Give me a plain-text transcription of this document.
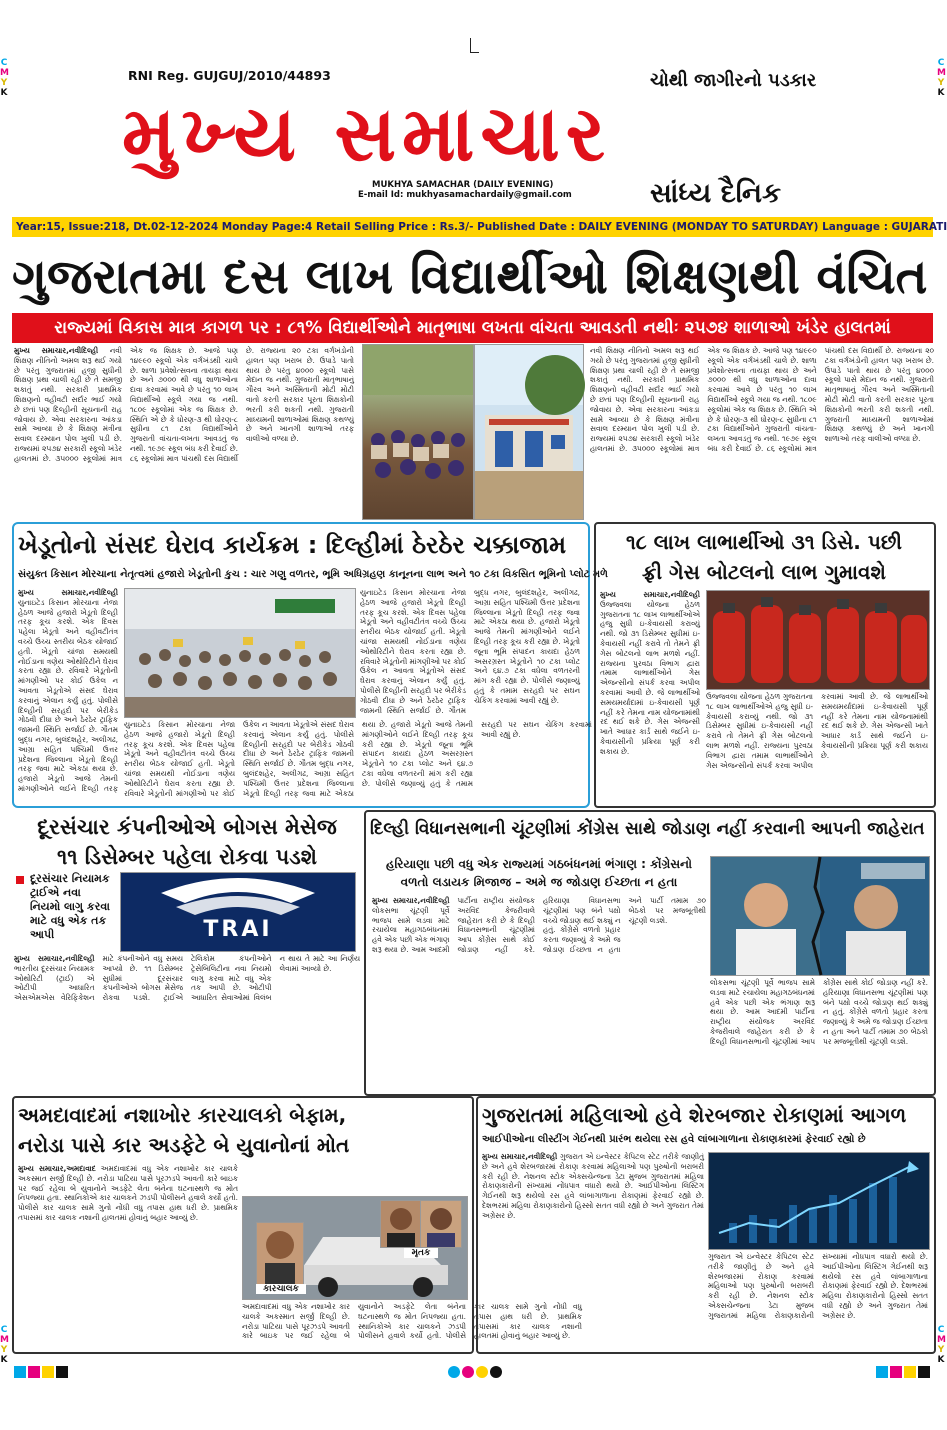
C
M
Y
K
C
M
Y
K
C
M
Y
K
C
M
Y
K
RNI Reg. GUJGUJ/2010/44893	ચોથી જાગીરનો પડકાર
મુખ્ય સમાચાર
MUKHYA SAMACHAR (DAILY EVENING)
E-mail Id: mukhyasamachardaily@gmail.com	સાંધ્ય દૈનિક
Year:15, Issue:218, Dt.02-12-2024 Monday Page:4 Retail Selling Price : Rs.3/- Published Date : DAILY EVENING (MONDAY TO SATURDAY) Language : GUJARATI
ગુજરાતમા દસ લાખ વિદ્યાર્થીઓ શિક્ષણથી વંચિત
રાજ્યમાં વિકાસ માત્ર કાગળ પર : ૮૧% વિદ્યાર્થીઓને માતૃભાષા લખતા વાંચતા આવડતી નથીઃ ૨૫૭૪ શાળાઓ ખંડેર હાલતમાં
મુખ્ય સમાચાર,નવીદિલ્હી નવી શિક્ષણ નીતિનો અમલ શરૂ થઈ ગયો છે પરંતુ ગુજરાતમાં હજી સુધીની શિક્ષણ પ્રથા ચાલી રહી છે તે સમજી શકાતું નથી. સરકારી પ્રાથમિક શિક્ષણનો વહીવટી સર્દાર ભાઈ ગયો છે છતાં પણ દિલ્હીની સૂચનાની રાહ જોવાય છે. એવા સરકારના આંકડા સામે આવ્યા છે કે શિક્ષણ મંત્રીના સવાલ દરમ્યાન પોલ ખુલી પડી છે. રાજ્યમાં ૨૫૭૪ સરકારી સ્કૂલો ખંડેર હાલતમાં છે. ૩૫૦૦૦ સ્કૂલોમાં માત્ર એક જ શિક્ષક છે. આજે પણ ૧૪૯૯૦ સ્કૂલો એક વર્ગખંડથી ચાલે છે. શાળા પ્રવેશોત્સવના તાયફા થાય છે અને ૭૦૦૦ થી વધુ શાળાઓના દાવા કરવામાં આવે છે પરંતુ ૧૦ લાખ વિદ્યાર્થીઓ સ્કૂલે ગયા જ નથી. ૧૮૦૯ સ્કૂલોમાં એક જ શિક્ષક છે. સ્થિતિ એ છે કે ધોરણ-૩ થી ધોરણ-૮ સુધીના ૮૧ ટકા વિદ્યાર્થીઓને ગુજરાતી વાંચતા-લખતા આવડતું જ નથી. ૧૯૭૯ સ્કૂલ બંધ કરી દેવાઈ છે. ૮૬ સ્કૂલોમાં માત્ર પાંચથી દસ વિદ્યાર્થી છે. રાજ્યના ૨૦ ટકા વર્ગખંડોની હાલત પણ ખરાબ છે. ઉપાડે પાતો થાય છે પરંતુ ૪૦૦૦ સ્કૂલો પાસે મેદાન જ નથી. ગુજરાતી માતૃભાષાનું ગૌરવ અને અસ્મિતાની મોટી મોટી વાતો કરતી સરકાર પૂરતા શિક્ષકોની ભરતી કરી શકતી નથી. ગુજરાતી માધ્યમની શાળાઓમાં શિક્ષણ કથળ્યું છે અને ખાનગી શાળાઓ તરફ વાલીઓ વળ્યા છે.
નવી શિક્ષણ નીતિનો અમલ શરૂ થઈ ગયો છે પરંતુ ગુજરાતમાં હજી સુધીની શિક્ષણ પ્રથા ચાલી રહી છે તે સમજી શકાતું નથી. સરકારી પ્રાથમિક શિક્ષણનો વહીવટી સર્દાર ભાઈ ગયો છે છતાં પણ દિલ્હીની સૂચનાની રાહ જોવાય છે. એવા સરકારના આંકડા સામે આવ્યા છે કે શિક્ષણ મંત્રીના સવાલ દરમ્યાન પોલ ખુલી પડી છે. રાજ્યમાં ૨૫૭૪ સરકારી સ્કૂલો ખંડેર હાલતમાં છે. ૩૫૦૦૦ સ્કૂલોમાં માત્ર એક જ શિક્ષક છે. આજે પણ ૧૪૯૯૦ સ્કૂલો એક વર્ગખંડથી ચાલે છે. શાળા પ્રવેશોત્સવના તાયફા થાય છે અને ૭૦૦૦ થી વધુ શાળાઓના દાવા કરવામાં આવે છે પરંતુ ૧૦ લાખ વિદ્યાર્થીઓ સ્કૂલે ગયા જ નથી. ૧૮૦૯ સ્કૂલોમાં એક જ શિક્ષક છે. સ્થિતિ એ છે કે ધોરણ-૩ થી ધોરણ-૮ સુધીના ૮૧ ટકા વિદ્યાર્થીઓને ગુજરાતી વાંચતા-લખતા આવડતું જ નથી. ૧૯૭૯ સ્કૂલ બંધ કરી દેવાઈ છે. ૮૬ સ્કૂલોમાં માત્ર પાંચથી દસ વિદ્યાર્થી છે. રાજ્યના ૨૦ ટકા વર્ગખંડોની હાલત પણ ખરાબ છે. ઉપાડે પાતો થાય છે પરંતુ ૪૦૦૦ સ્કૂલો પાસે મેદાન જ નથી. ગુજરાતી માતૃભાષાનું ગૌરવ અને અસ્મિતાની મોટી મોટી વાતો કરતી સરકાર પૂરતા શિક્ષકોની ભરતી કરી શકતી નથી. ગુજરાતી માધ્યમની શાળાઓમાં શિક્ષણ કથળ્યું છે અને ખાનગી શાળાઓ તરફ વાલીઓ વળ્યા છે.
ખેડૂતોનો સંસદ ઘેરાવ કાર્યક્રમ : દિલ્હીમાં ઠેરઠેર ચક્કાજામ
સંયુક્ત કિસાન મોરચાના નેતૃત્વમાં હજારો ખેડૂતોની કુચ : ચાર ગણુ વળતર, ભૂમિ અધિગ્રહણ કાનૂનના લાભ અને ૧૦ ટકા વિકસિત ભૂમિનો પ્લોટ મળે
મુખ્ય સમાચાર,નવીદિલ્હી યુનાઇટેડ કિસાન મોરચાના નેજા હેઠળ આજે હજારો ખેડૂતો દિલ્હી તરફ કૂચ કરશે. એક દિવસ પહેલા ખેડૂતો અને વહીવટીતંત્ર વચ્ચે ઉચ્ચ સ્તરીય બેઠક યોજાઈ હતી. ખેડૂતો ચાંજા સમયથી નોઈડાના ત્રણેય ઓથોરિટીને ઘેરાવ કરતા રહ્યા છે. રવિવારે ખેડૂતોની માંગણીઓ પર કોઈ ઉકેલ ન આવતા ખેડૂતોએ સંસદ ઘેરાવ કરવાનું એલાન કર્યું હતું. પોલીસે દિલ્હીની સરહદો પર બેરીકેડ ગોઠવી દીધા છે અને ઠેરઠેર ટ્રાફિક જામની સ્થિતિ સર્જાઈ છે. ગૌતમ બુદ્ધ નગર, બુલંદશહેર, અલીગઢ, આગ્રા સહિત પશ્ચિમી ઉત્તર પ્રદેશના જિલ્લાના ખેડૂતો દિલ્હી તરફ જવા માટે એકઠા થયા છે. હજારો ખેડૂતો આજે તેમની માંગણીઓને લઈને દિલ્હી તરફ
યુનાઇટેડ કિસાન મોરચાના નેજા હેઠળ આજે હજારો ખેડૂતો દિલ્હી તરફ કૂચ કરશે. એક દિવસ પહેલા ખેડૂતો અને વહીવટીતંત્ર વચ્ચે ઉચ્ચ સ્તરીય બેઠક યોજાઈ હતી. ખેડૂતો ચાંજા સમયથી નોઈડાના ત્રણેય ઓથોરિટીને ઘેરાવ કરતા રહ્યા છે. રવિવારે ખેડૂતોની માંગણીઓ પર કોઈ ઉકેલ ન આવતા ખેડૂતોએ સંસદ ઘેરાવ કરવાનું એલાન કર્યું હતું. પોલીસે દિલ્હીની સરહદો પર બેરીકેડ ગોઠવી દીધા છે અને ઠેરઠેર ટ્રાફિક જામની સ્થિતિ સર્જાઈ છે. ગૌતમ બુદ્ધ નગર, બુલંદશહેર, અલીગઢ, આગ્રા સહિત પશ્ચિમી ઉત્તર પ્રદેશના જિલ્લાના ખેડૂતો દિલ્હી તરફ જવા માટે એકઠા થયા છે. હજારો ખેડૂતો આજે તેમની માંગણીઓને લઈને દિલ્હી તરફ કૂચ કરી રહ્યા છે. ખેડૂતો જૂના ભૂમિ સંપાદન કાયદા હેઠળ અસરગ્રસ્ત ખેડૂતોને ૧૦ ટકા પ્લોટ અને ૬૪.૭ ટકા વધેલા વળતરની માંગ કરી રહ્યા છે. પોલીસે જણાવ્યું હતું કે તમામ સરહદો પર સઘન ચેકિંગ કરવામાં આવી રહ્યું છે.
યુનાઇટેડ કિસાન મોરચાના નેજા હેઠળ આજે હજારો ખેડૂતો દિલ્હી તરફ કૂચ કરશે. એક દિવસ પહેલા ખેડૂતો અને વહીવટીતંત્ર વચ્ચે ઉચ્ચ સ્તરીય બેઠક યોજાઈ હતી. ખેડૂતો ચાંજા સમયથી નોઈડાના ત્રણેય ઓથોરિટીને ઘેરાવ કરતા રહ્યા છે. રવિવારે ખેડૂતોની માંગણીઓ પર કોઈ ઉકેલ ન આવતા ખેડૂતોએ સંસદ ઘેરાવ કરવાનું એલાન કર્યું હતું. પોલીસે દિલ્હીની સરહદો પર બેરીકેડ ગોઠવી દીધા છે અને ઠેરઠેર ટ્રાફિક જામની સ્થિતિ સર્જાઈ છે. ગૌતમ બુદ્ધ નગર, બુલંદશહેર, અલીગઢ, આગ્રા સહિત પશ્ચિમી ઉત્તર પ્રદેશના જિલ્લાના ખેડૂતો દિલ્હી તરફ જવા માટે એકઠા થયા છે. હજારો ખેડૂતો આજે તેમની માંગણીઓને લઈને દિલ્હી તરફ કૂચ કરી રહ્યા છે. ખેડૂતો જૂના ભૂમિ સંપાદન કાયદા હેઠળ અસરગ્રસ્ત ખેડૂતોને ૧૦ ટકા પ્લોટ અને ૬૪.૭ ટકા વધેલા વળતરની માંગ કરી રહ્યા છે. પોલીસે જણાવ્યું હતું કે તમામ સરહદો પર સઘન ચેકિંગ કરવામાં આવી રહ્યું છે.
૧૮ લાખ લાભાર્થીઓ ૩૧ ડિસે. પછી
ફ્રી ગેસ બોટલનો લાભ ગુમાવશે
મુખ્ય સમાચાર,નવીદિલ્હી ઉજ્જવલા યોજના હેઠળ ગુજરાતના ૧૮ લાખ લાભાર્થીઓએ હજુ સુધી ઇ-કેવાયસી કરાવ્યું નથી. જો ૩૧ ડિસેમ્બર સુધીમાં ઇ-કેવાયસી નહીં કરાવે તો તેમને ફ્રી ગેસ બોટલનો લાભ મળશે નહીં. રાજ્યના પુરવઠા વિભાગ દ્વારા તમામ લાભાર્થીઓને ગેસ એજન્સીનો સંપર્ક કરવા અપીલ કરવામાં આવી છે. જે લાભાર્થીઓ સમયમર્યાદામાં ઇ-કેવાયસી પૂર્ણ નહીં કરે તેમના નામ યોજનામાંથી રદ થઈ શકે છે. ગેસ એજન્સી ખાતે આધાર કાર્ડ સાથે જઈને ઇ-કેવાયસીની પ્રક્રિયા પૂર્ણ કરી શકાય છે.
ઉજ્જવલા યોજના હેઠળ ગુજરાતના ૧૮ લાખ લાભાર્થીઓએ હજુ સુધી ઇ-કેવાયસી કરાવ્યું નથી. જો ૩૧ ડિસેમ્બર સુધીમાં ઇ-કેવાયસી નહીં કરાવે તો તેમને ફ્રી ગેસ બોટલનો લાભ મળશે નહીં. રાજ્યના પુરવઠા વિભાગ દ્વારા તમામ લાભાર્થીઓને ગેસ એજન્સીનો સંપર્ક કરવા અપીલ કરવામાં આવી છે. જે લાભાર્થીઓ સમયમર્યાદામાં ઇ-કેવાયસી પૂર્ણ નહીં કરે તેમના નામ યોજનામાંથી રદ થઈ શકે છે. ગેસ એજન્સી ખાતે આધાર કાર્ડ સાથે જઈને ઇ-કેવાયસીની પ્રક્રિયા પૂર્ણ કરી શકાય છે.
દૂરસંચાર કંપનીઓએ બોગસ મેસેજ
૧૧ ડિસેમ્બર પહેલા રોકવા પડશે
દૂરસંચાર નિયામક ટ્રાઈએ નવા નિયમો લાગુ કરવા માટે વધુ એક તક આપી	TRAI
મુખ્ય સમાચાર,નવીદિલ્હી ભારતીય દૂરસંચાર નિયામક ઓથોરિટી (ટ્રાઈ) એ ઓટીપી આધારિત એસએમએસ વેરિફિકેશન માટે કંપનીઓને વધુ સમય આપ્યો છે. ૧૧ ડિસેમ્બર સુધીમાં દૂરસંચાર કંપનીઓએ બોગસ મેસેજ રોકવા પડશે. ટ્રાઈએ ટેલિકોમ કંપનીઓને ટ્રેસેબિલિટીના નવા નિયમો લાગુ કરવા માટે વધુ એક તક આપી છે. ઓટીપી આધારિત સેવાઓમાં વિલંબ ન થાય તે માટે આ નિર્ણય લેવામાં આવ્યો છે.
દિલ્હી વિધાનસભાની ચૂંટણીમાં કોંગ્રેસ સાથે જોડાણ નહીં કરવાની આપની જાહેરાત
હરિયાણા પછી વધુ એક રાજ્યમાં ગઠબંધનમાં ભંગાણ : કોંગ્રેસનો
વળતો લડાયક મિજાજ – અમે જ જોડાણ ઈચ્છતા ન હતા
મુખ્ય સમાચાર,નવીદિલ્હી લોકસભા ચૂંટણી પૂર્વે ભાજપ સામે લડવા માટે રચાયેલા મહાગઠબંધનમાં હવે એક પછી એક ભંગાણ શરૂ થયા છે. આમ આદમી પાર્ટીના રાષ્ટ્રીય સંયોજક અરવિંદ કેજરીવાલે જાહેરાત કરી છે કે દિલ્હી વિધાનસભાની ચૂંટણીમાં આપ કોંગ્રેસ સાથે કોઈ જોડાણ નહીં કરે. હરિયાણા વિધાનસભા ચૂંટણીમાં પણ બંને પક્ષો વચ્ચે જોડાણ થઈ શક્યું ન હતું. કોંગ્રેસે વળતો પ્રહાર કરતા જણાવ્યું કે અમે જ જોડાણ ઈચ્છતા ન હતા અને પાર્ટી તમામ ૭૦ બેઠકો પર મજબૂતીથી ચૂંટણી લડશે.
લોકસભા ચૂંટણી પૂર્વે ભાજપ સામે લડવા માટે રચાયેલા મહાગઠબંધનમાં હવે એક પછી એક ભંગાણ શરૂ થયા છે. આમ આદમી પાર્ટીના રાષ્ટ્રીય સંયોજક અરવિંદ કેજરીવાલે જાહેરાત કરી છે કે દિલ્હી વિધાનસભાની ચૂંટણીમાં આપ કોંગ્રેસ સાથે કોઈ જોડાણ નહીં કરે. હરિયાણા વિધાનસભા ચૂંટણીમાં પણ બંને પક્ષો વચ્ચે જોડાણ થઈ શક્યું ન હતું. કોંગ્રેસે વળતો પ્રહાર કરતા જણાવ્યું કે અમે જ જોડાણ ઈચ્છતા ન હતા અને પાર્ટી તમામ ૭૦ બેઠકો પર મજબૂતીથી ચૂંટણી લડશે.
અમદાવાદમાં નશાખોર કારચાલકો બેફામ,
નરોડા પાસે કાર અડફેટે બે યુવાનોનાં મોત
મુખ્ય સમાચાર,અમદાવાદ અમદાવાદમાં વધુ એક નશાખોર કાર ચાલકે અકસ્માત સર્જી દિલ્હી છે. નરોડા પાટિયા પાસે પૂરઝડપે આવતી કારે બાઇક પર જઈ રહેલા બે યુવાનોને અડફેટે લેતા બંનેના ઘટનાસ્થળે જ મોત નિપજ્યા હતા. સ્થાનિકોએ કાર ચાલકને ઝડપી પોલીસને હવાલે કર્યો હતો. પોલીસે કાર ચાલક સામે ગુનો નોંધી વધુ તપાસ હાથ ધરી છે. પ્રાથમિક તપાસમાં કાર ચાલક નશાની હાલતમાં હોવાનું બહાર આવ્યું છે.
કારચાલક
મૃતક
અમદાવાદમાં વધુ એક નશાખોર કાર ચાલકે અકસ્માત સર્જી દિલ્હી છે. નરોડા પાટિયા પાસે પૂરઝડપે આવતી કારે બાઇક પર જઈ રહેલા બે યુવાનોને અડફેટે લેતા બંનેના ઘટનાસ્થળે જ મોત નિપજ્યા હતા. સ્થાનિકોએ કાર ચાલકને ઝડપી પોલીસને હવાલે કર્યો હતો. પોલીસે કાર ચાલક સામે ગુનો નોંધી વધુ તપાસ હાથ ધરી છે. પ્રાથમિક તપાસમાં કાર ચાલક નશાની હાલતમાં હોવાનું બહાર આવ્યું છે.
ગુજરાતમાં મહિલાઓ હવે શેરબજાર રોકાણમાં આગળ
આઈપીઓના લીસ્ટીંગ ગેઈનથી પ્રારંભ થયેલા રસ હવે લાંબાગાળાના રોકાણકારમાં ફેરવાઈ રહ્યો છે
મુખ્ય સમાચાર,નવીદિલ્હી ગુજરાત એ ઇન્વેસ્ટર કેપિટલ સ્ટેટ તરીકે જાણીતું છે અને હવે શેરબજારમાં રોકાણ કરવામાં મહિલાઓ પણ પુરુષોની બરાબરી કરી રહી છે. નેશનલ સ્ટોક એક્સચેન્જના ડેટા મુજબ ગુજરાતમાં મહિલા રોકાણકારોની સંખ્યામાં નોંધપાત્ર વધારો થયો છે. આઈપીઓના લિસ્ટિંગ ગેઈનથી શરૂ થયેલો રસ હવે લાંબાગાળાના રોકાણમાં ફેરવાઈ રહ્યો છે. દેશભરમાં મહિલા રોકાણકારોનો હિસ્સો સતત વધી રહ્યો છે અને ગુજરાત તેમાં અગ્રેસર છે.
ગુજરાત એ ઇન્વેસ્ટર કેપિટલ સ્ટેટ તરીકે જાણીતું છે અને હવે શેરબજારમાં રોકાણ કરવામાં મહિલાઓ પણ પુરુષોની બરાબરી કરી રહી છે. નેશનલ સ્ટોક એક્સચેન્જના ડેટા મુજબ ગુજરાતમાં મહિલા રોકાણકારોની સંખ્યામાં નોંધપાત્ર વધારો થયો છે. આઈપીઓના લિસ્ટિંગ ગેઈનથી શરૂ થયેલો રસ હવે લાંબાગાળાના રોકાણમાં ફેરવાઈ રહ્યો છે. દેશભરમાં મહિલા રોકાણકારોનો હિસ્સો સતત વધી રહ્યો છે અને ગુજરાત તેમાં અગ્રેસર છે.
